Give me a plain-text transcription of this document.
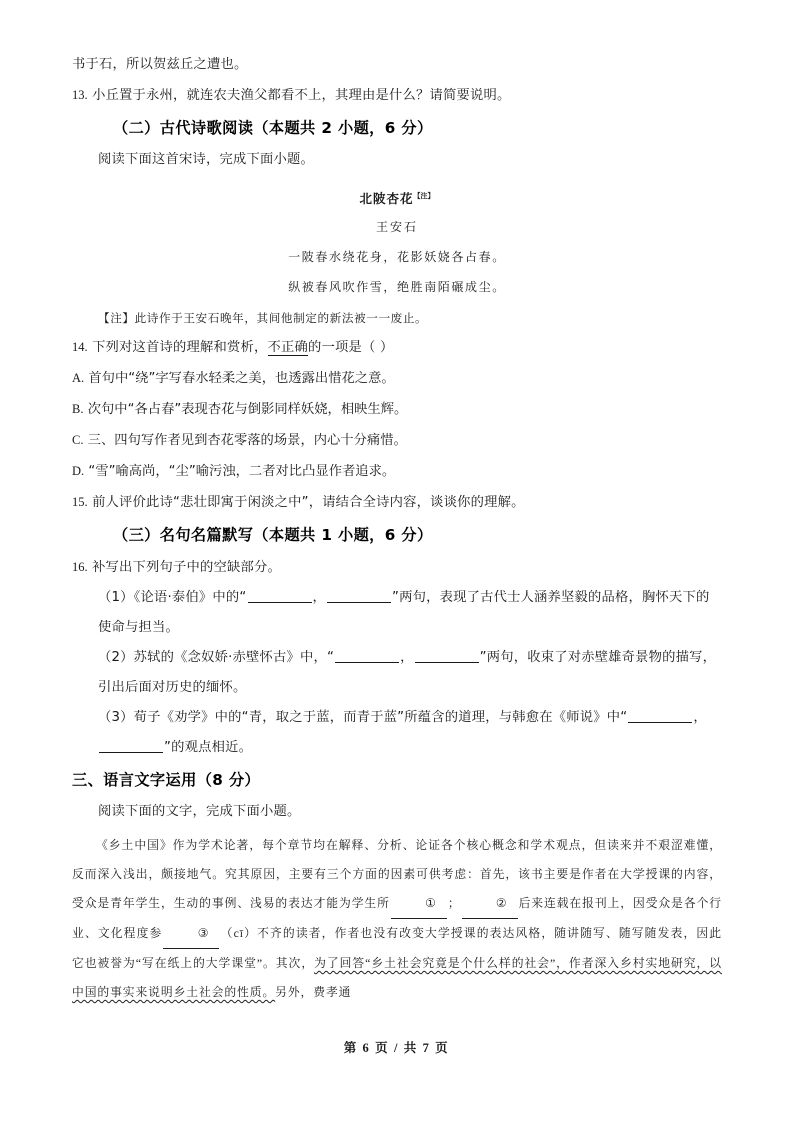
书于石，所以贺兹丘之遭也。
13. 小丘置于永州，就连农夫渔父都看不上，其理由是什么？请简要说明。
（二）古代诗歌阅读（本题共 2 小题，6 分）
阅读下面这首宋诗，完成下面小题。
北陂杏花$^{【注】}$
王安石
一陂春水绕花身，花影妖娆各占春。
纵被春风吹作雪，绝胜南陌碾成尘。
【注】此诗作于王安石晚年，其间他制定的新法被一一废止。
14. 下列对这首诗的理解和赏析，不正确 ··的一项是（ ）
A. 首句中“绕”字写春水轻柔之美，也透露出惜花之意。
B. 次句中“各占春”表现杏花与倒影同样妖娆，相映生辉。
C. 三、四句写作者见到杏花零落的场景，内心十分痛惜。
D. “雪”喻高尚，“尘”喻污浊，二者对比凸显作者追求。
15. 前人评价此诗“悲壮即寓于闲淡之中”，请结合全诗内容，谈谈你的理解。
（三）名句名篇默写（本题共 1 小题，6 分）
16. 补写出下列句子中的空缺部分。
（1）《论语·泰伯》中的“	，	”两句，表现了古代士人涵养坚毅的品格，胸怀天下的使命与担当。
（2）苏轼的《念奴娇·赤壁怀古》中，“	，	”两句，收束了对赤壁雄奇景物的描写，引出后面对历史的缅怀。
（3）荀子《劝学》中的“青，取之于蓝，而青于蓝”所蕴含的道理，与韩愈在《师说》中“	，”的观点相近。
三、语言文字运用（8 分）
阅读下面的文字，完成下面小题。
《乡土中国》作为学术论著，每个章节均在解释、分析、论证各个核心概念和学术观点，但读来并不艰涩难懂，反而深入浅出，颇接地气。究其原因，主要有三个方面的因素可供考虑：首先，该书主要是作者在大学授课的内容，受众是青年学生，生动的事例、浅易的表达才能为学生所	① ；	② 后来连载在报刊上，因受众是各个行业、文化程度参	③ （cī）不齐的读者，作者也没有改变大学授课的表达风格，随讲随写、随写随发表，因此它也被誉为“写在纸上的大学课堂”。其次，为了回答“乡土社会究竟是个什么样的社会”，作者深入乡村实地研究，以中国的事实来说明乡土社会的性质。另外，费孝通
第 6 页 / 共 7 页
